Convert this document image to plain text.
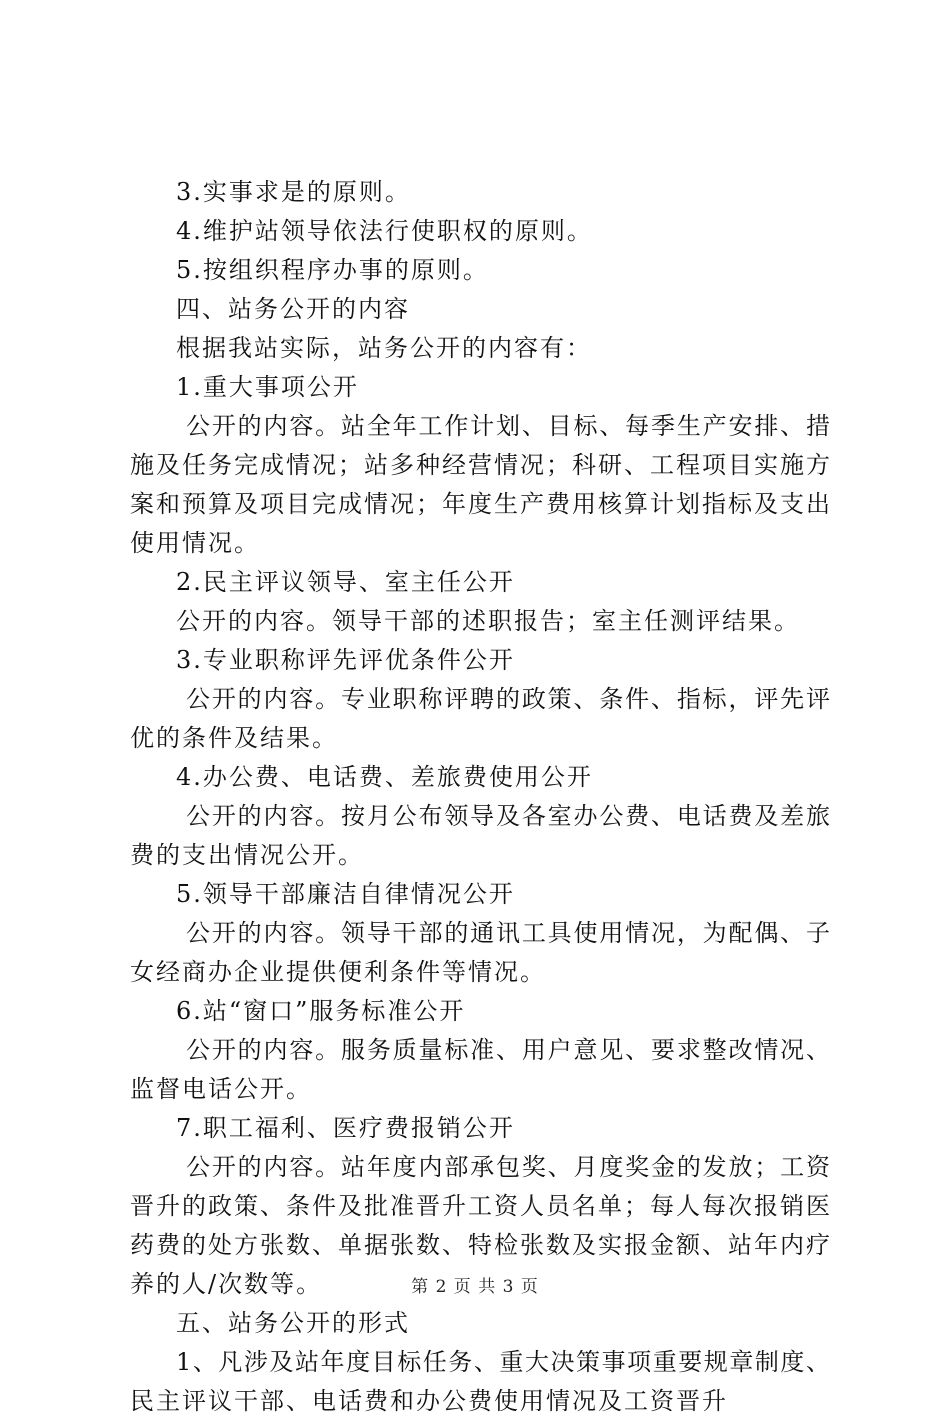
3.实事求是的原则。
4.维护站领导依法行使职权的原则。
5.按组织程序办事的原则。
四、站务公开的内容
根据我站实际，站务公开的内容有：
1.重大事项公开
公开的内容。站全年工作计划、目标、每季生产安排、措
施及任务完成情况；站多种经营情况；科研、工程项目实施方
案和预算及项目完成情况；年度生产费用核算计划指标及支出
使用情况。
2.民主评议领导、室主任公开
公开的内容。领导干部的述职报告；室主任测评结果。
3.专业职称评先评优条件公开
公开的内容。专业职称评聘的政策、条件、指标，评先评
优的条件及结果。
4.办公费、电话费、差旅费使用公开
公开的内容。按月公布领导及各室办公费、电话费及差旅
费的支出情况公开。
5.领导干部廉洁自律情况公开
公开的内容。领导干部的通讯工具使用情况，为配偶、子
女经商办企业提供便利条件等情况。
6.站“窗口”服务标准公开
公开的内容。服务质量标准、用户意见、要求整改情况、
监督电话公开。
7.职工福利、医疗费报销公开
公开的内容。站年度内部承包奖、月度奖金的发放；工资
晋升的政策、条件及批准晋升工资人员名单；每人每次报销医
药费的处方张数、单据张数、特检张数及实报金额、站年内疗
养的人/次数等。
五、站务公开的形式
1、凡涉及站年度目标任务、重大决策事项重要规章制度、
民主评议干部、电话费和办公费使用情况及工资晋升
第 2 页 共 3 页
